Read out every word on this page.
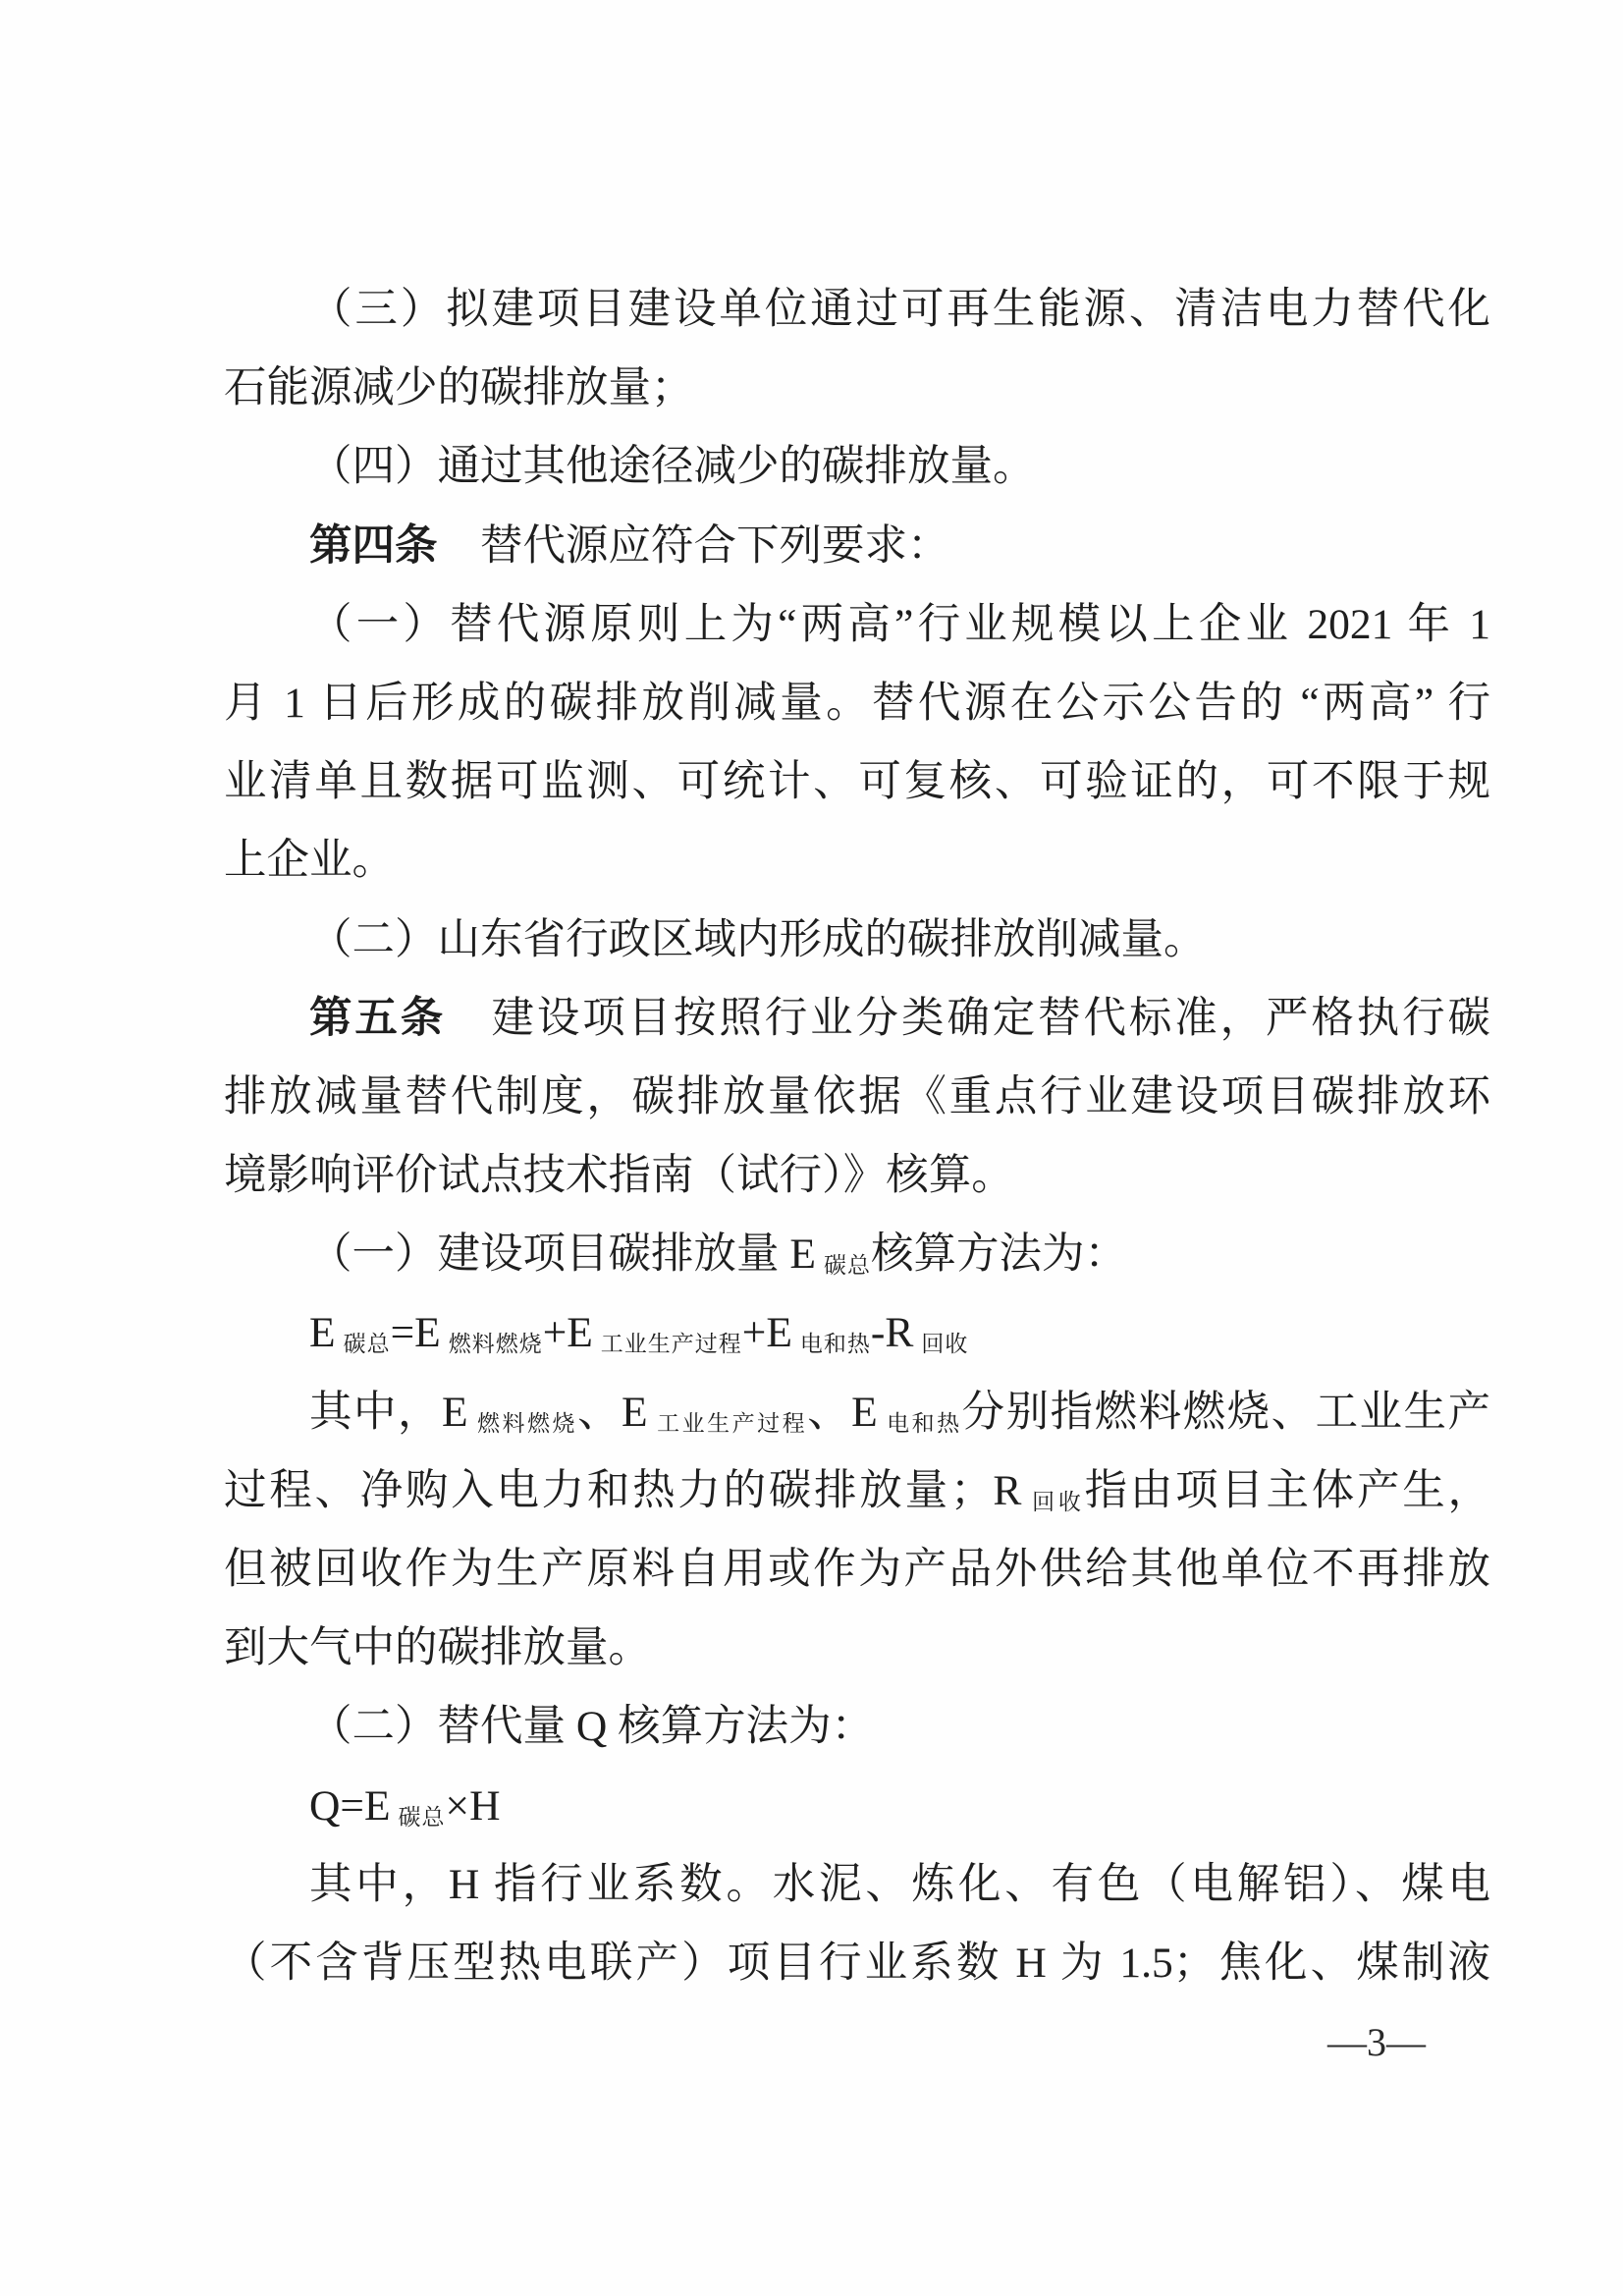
（三）拟建项目建设单位通过可再生能源、清洁电力替代化
石能源减少的碳排放量；
（四）通过其他途径减少的碳排放量。
第四条　替代源应符合下列要求：
（一）替代源原则上为“两高”行业规模以上企业 2021 年 1
月 1 日后形成的碳排放削减量。替代源在公示公告的 “两高” 行
业清单且数据可监测、可统计、可复核、可验证的，可不限于规
上企业。
（二）山东省行政区域内形成的碳排放削减量。
第五条　建设项目按照行业分类确定替代标准，严格执行碳
排放减量替代制度，碳排放量依据《重点行业建设项目碳排放环
境影响评价试点技术指南（试行）》核算。
（一）建设项目碳排放量 E 碳总核算方法为：
E碳总=E 燃料燃烧+E 工业生产过程+E 电和热-R 回收
其中，E 燃料燃烧、E 工业生产过程、E 电和热分别指燃料燃烧、工业生产
过程、净购入电力和热力的碳排放量；R 回收指由项目主体产生，
但被回收作为生产原料自用或作为产品外供给其他单位不再排放
到大气中的碳排放量。
（二）替代量 Q 核算方法为：
Q=E 碳总×H
其中，H 指行业系数。水泥、炼化、有色（电解铝）、煤电
（不含背压型热电联产）项目行业系数 H 为 1.5；焦化、煤制液
—3—
